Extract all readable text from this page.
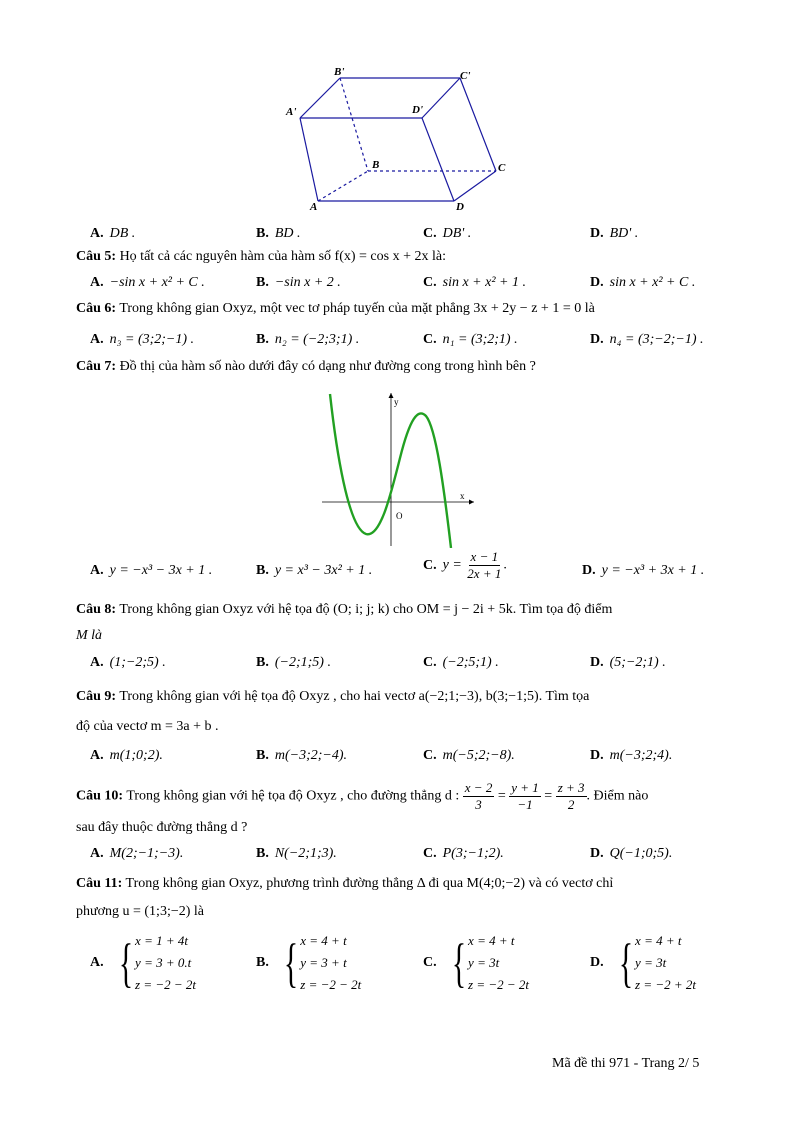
B'	C'
A'	D'
B	C
A	D
A. DB .	B. BD .	C. DB' .	D. BD' .
Câu 5: Họ tất cả các nguyên hàm của hàm số f(x) = cos x + 2x là:
A. −sin x + x² + C .	B. −sin x + 2 .	C. sin x + x² + 1 .	D. sin x + x² + C .
Câu 6: Trong không gian Oxyz, một vec tơ pháp tuyến của mặt phẳng 3x + 2y − z + 1 = 0 là
A. n₃ = (3;2;−1) .	B. n₂ = (−2;3;1) .	C. n₁ = (3;2;1) .	D. n₄ = (3;−2;−1) .
Câu 7: Đồ thị của hàm số nào dưới đây có dạng như đường cong trong hình bên ?
y
x
O
A. y = −x³ − 3x + 1 .	B. y = x³ − 3x² + 1 .	C. $y = \frac{x - 1}{2x + 1}$ .	D. y = −x³ + 3x + 1 .
Câu 8: Trong không gian Oxyz với hệ tọa độ (O; i; j; k) cho OM = j − 2i + 5k. Tìm tọa độ điểm
M là
A. (1;−2;5) .	B. (−2;1;5) .	C. (−2;5;1) .	D. (5;−2;1) .
Câu 9: Trong không gian với hệ tọa độ Oxyz , cho hai vectơ a(−2;1;−3), b(3;−1;5). Tìm tọa
độ của vectơ m = 3a + b .
A. m(1;0;2).	B. m(−3;2;−4).	C. m(−5;2;−8).	D. m(−3;2;4).
Câu 10: Trong không gian với hệ tọa độ Oxyz , cho đường thẳng d : $\frac{x - 2}{3} = \frac{y + 1}{-1} = \frac{z + 3}{2}$ . Điểm nào
sau đây thuộc đường thẳng d ?
A. M(2;−1;−3).	B. N(−2;1;3).	C. P(3;−1;2).	D. Q(−1;0;5).
Câu 11: Trong không gian Oxyz, phương trình đường thẳng Δ đi qua M(4;0;−2) và có vectơ chỉ
phương u = (1;3;−2) là
A. { x = 1 + 4t
y = 3 + 0.t
z = −2 − 2t
B. { x = 4 + t
y = 3 + t
z = −2 − 2t
C. { x = 4 + t
y = 3t
z = −2 − 2t
D. { x = 4 + t
y = 3t
z = −2 + 2t
Mã đề thi 971 - Trang 2/ 5
